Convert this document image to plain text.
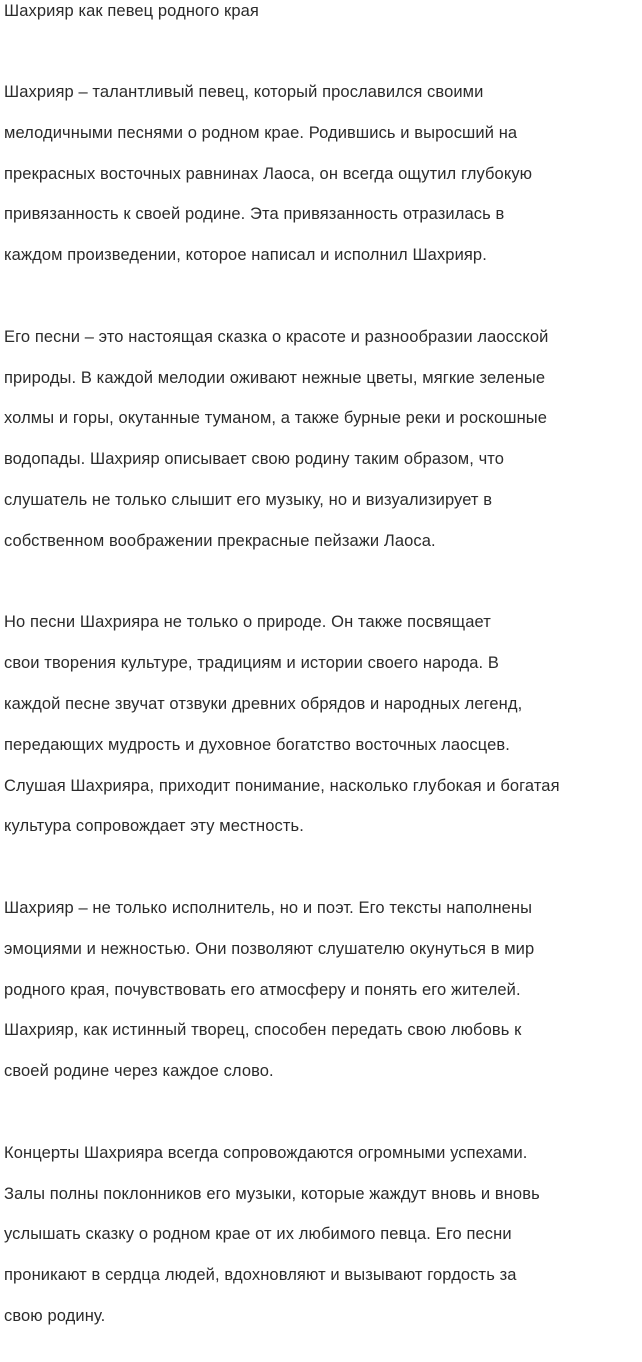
Шахрияр как певец родного края
Шахрияр – талантливый певец, который прославился своими
мелодичными песнями о родном крае. Родившись и выросший на
прекрасных восточных равнинах Лаоса, он всегда ощутил глубокую
привязанность к своей родине. Эта привязанность отразилась в
каждом произведении, которое написал и исполнил Шахрияр.
Его песни – это настоящая сказка о красоте и разнообразии лаосской
природы. В каждой мелодии оживают нежные цветы, мягкие зеленые
холмы и горы, окутанные туманом, а также бурные реки и роскошные
водопады. Шахрияр описывает свою родину таким образом, что
слушатель не только слышит его музыку, но и визуализирует в
собственном воображении прекрасные пейзажи Лаоса.
Но песни Шахрияра не только о природе. Он также посвящает
свои творения культуре, традициям и истории своего народа. В
каждой песне звучат отзвуки древних обрядов и народных легенд,
передающих мудрость и духовное богатство восточных лаосцев.
Слушая Шахрияра, приходит понимание, насколько глубокая и богатая
культура сопровождает эту местность.
Шахрияр – не только исполнитель, но и поэт. Его тексты наполнены
эмоциями и нежностью. Они позволяют слушателю окунуться в мир
родного края, почувствовать его атмосферу и понять его жителей.
Шахрияр, как истинный творец, способен передать свою любовь к
своей родине через каждое слово.
Концерты Шахрияра всегда сопровождаются огромными успехами.
Залы полны поклонников его музыки, которые жаждут вновь и вновь
услышать сказку о родном крае от их любимого певца. Его песни
проникают в сердца людей, вдохновляют и вызывают гордость за
свою родину.
